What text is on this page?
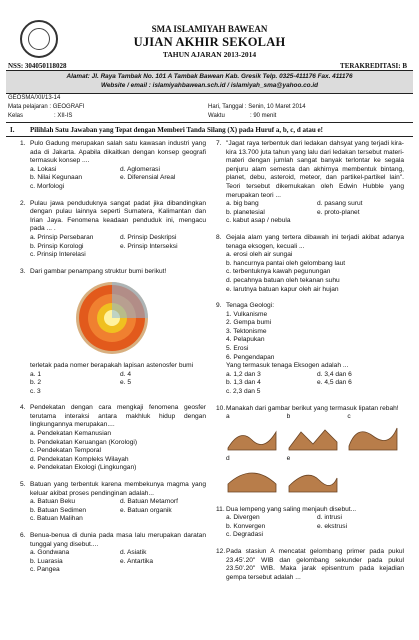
SMA ISLAMIYAH BAWEAN
UJIAN AKHIR SEKOLAH
TAHUN AJARAN 2013-2014
NSS: 304050118028	TERAKREDITASI: B
Alamat: Jl. Raya Tambak No. 101 A Tambak Bawean Kab. Gresik Telp. 0325-411176 Fax. 411176
Website / email : islamiyahbawean.sch.id / islamiyah_sma@yahoo.co.id
GEOSMA/XII/13-14
Mata pelajaran : GEOGRAFI
Kelas	: XII-IS
Hari, Tanggal : Senin, 10 Maret 2014
Waktu	: 90 menit
I. Pilihlah Satu Jawaban yang Tepat dengan Memberi Tanda Silang (X) pada Huruf a, b, c, d atau e!
1. Pulo Gadung merupakan salah satu kawasan industri yang ada di Jakarta. Apabila dikaitkan dengan konsep geografi termasuk konsep ....
a. Lokasi	d. Aglomerasi
b. Nilai Kegunaan	e. Diferensial Areal
c. Morfologi
2. Pulau jawa penduduknya sangat padat jika dibandingkan dengan pulau lainnya seperti Sumatera, Kalimantan dan Irian Jaya. Fenomena keadaan penduduk ini, mengacu pada ... .
a. Prinsip Persebaran	d. Prinsip Deskripsi
b. Prinsip Korologi	e. Prinsip Interseksi
c. Prinsip Interelasi
3. Dari gambar penampang struktur bumi berikut!
terletak pada nomer berapakah lapisan astenosfer bumi
a. 1	d. 4
b. 2	e. 5
c. 3
4. Pendekatan dengan cara mengkaji fenomena geosfer terutama interaksi antara makhluk hidup dengan lingkungannya merupakan....
a. Pendekatan Kemanusian
b. Pendekatan Keruangan (Korologi)
c. Pendekatan Temporal
d. Pendekatan Kompleks Wilayah
e. Pendekatan Ekologi (Lingkungan)
5. Batuan yang terbentuk karena membekunya magma yang keluar akibat proses pendinginan adalah...
a. Batuan Beku	d. Batuan Metamorf
b. Batuan Sedimen	e. Batuan organik
c. Batuan Malihan
6. Benua-benua di dunia pada masa lalu merupakan daratan tunggal yang disebut....
a. Gondwana	d. Asiatik
b. Luarasia	e. Antartika
c. Pangea
7. "Jagat raya terbentuk dari ledakan dahsyat yang terjadi kira-kira 13.700 juta tahun yang lalu dari ledakan tersebut materi-materi dengan jumlah sangat banyak terlontar ke segala penjuru alam semesta dan akhirnya membentuk bintang, planet, debu, asteroid, meteor, dan partikel-partikel lain". Teori tersebut dikemukakan oleh Edwin Hubble yang merupakan teori ...
a. big bang	d. pasang surut
b. planetesial	e. proto-planet
c. kabut asap / nebula
8. Gejala alam yang tertera dibawah ini terjadi akibat adanya tenaga eksogen, kecuali ...
a. erosi oleh air sungai
b. hancurnya pantai oleh gelombang laut
c. terbentuknya kawah pegunungan
d. pecahnya batuan oleh tekanan suhu
e. larutnya batuan kapur oleh air hujan
9. Tenaga Geologi:
1. Vulkanisme
2. Gempa bumi
3. Tektonisme
4. Pelapukan
5. Erosi
6. Pengendapan
Yang termasuk tenaga Eksogen adalah ...
a. 1,2 dan 3	d. 3,4 dan 6
b. 1,3 dan 4	e. 4,5 dan 6
c. 2,3 dan 5
10. Manakah dari gambar berikut yang termasuk lipatan rebah!
a	b	c
d	e
11. Dua lempeng yang saling menjauh disebut...
a. Divergen	d. intrusi
b. Konvergen	e. ekstrusi
c. Degradasi
12. Pada stasiun A mencatat gelombang primer pada pukul 23.45'.20" WIB dan gelombang sekunder pada pukul 23.50'.20" WIB. Maka jarak episentrum pada kejadian gempa tersebut adalah ...
